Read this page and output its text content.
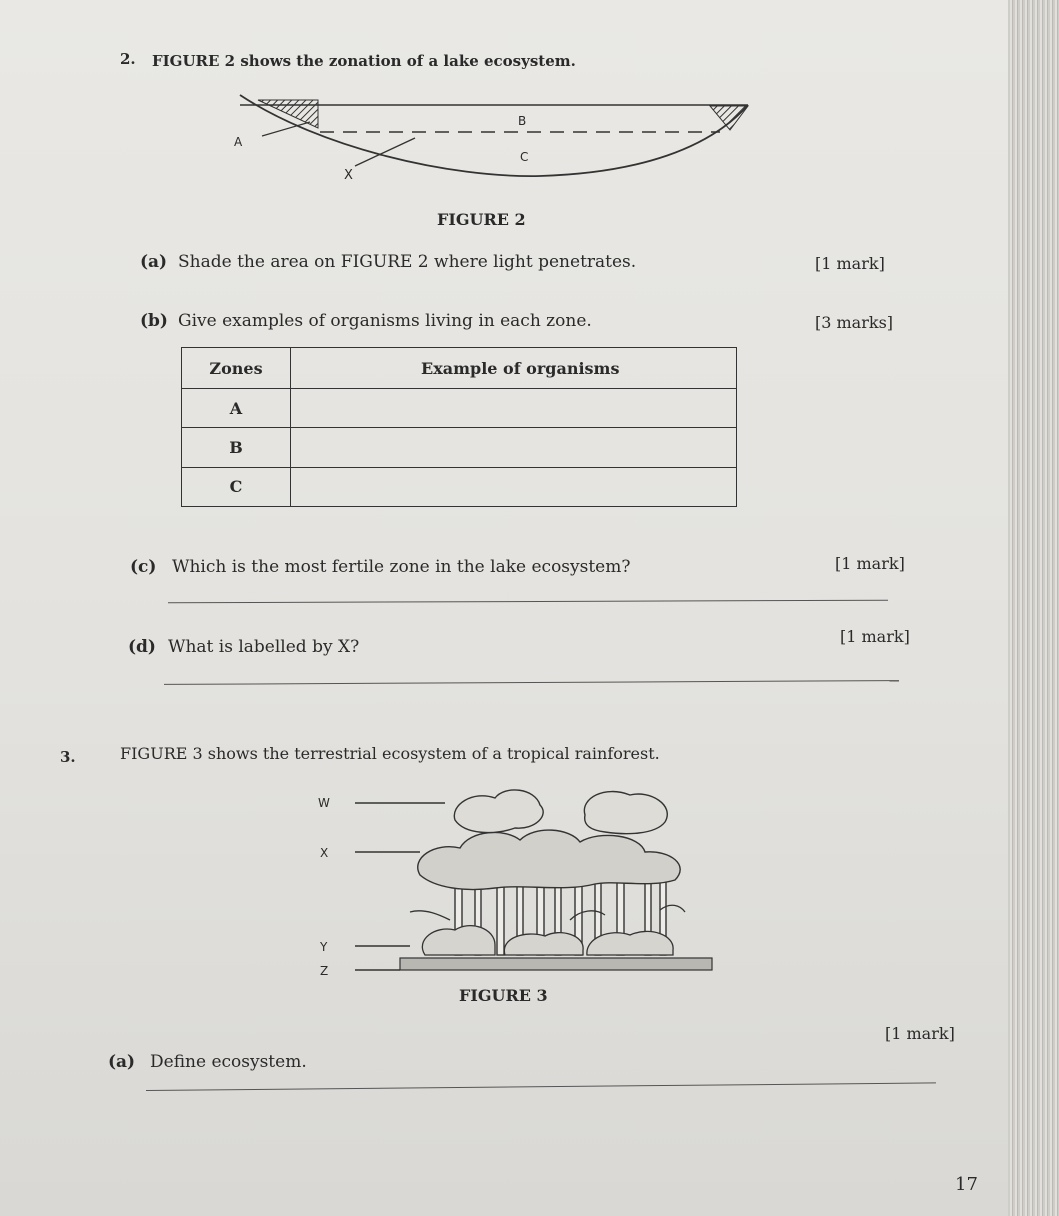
2. FIGURE 2 shows the zonation of a lake ecosystem.
B
A
C
X
FIGURE 2
(a) Shade the area on FIGURE 2 where light penetrates.	[1 mark]
(b) Give examples of organisms living in each zone.	[3 marks]
Zones	Example of organisms
A	
B	
C	
(c) Which is the most fertile zone in the lake ecosystem?	[1 mark]
(d) What is labelled by X?
[1 mark]
3.	FIGURE 3 shows the terrestrial ecosystem of a tropical rainforest.
W
X
Y
Z
FIGURE 3
(a) Define ecosystem.
[1 mark]
17
